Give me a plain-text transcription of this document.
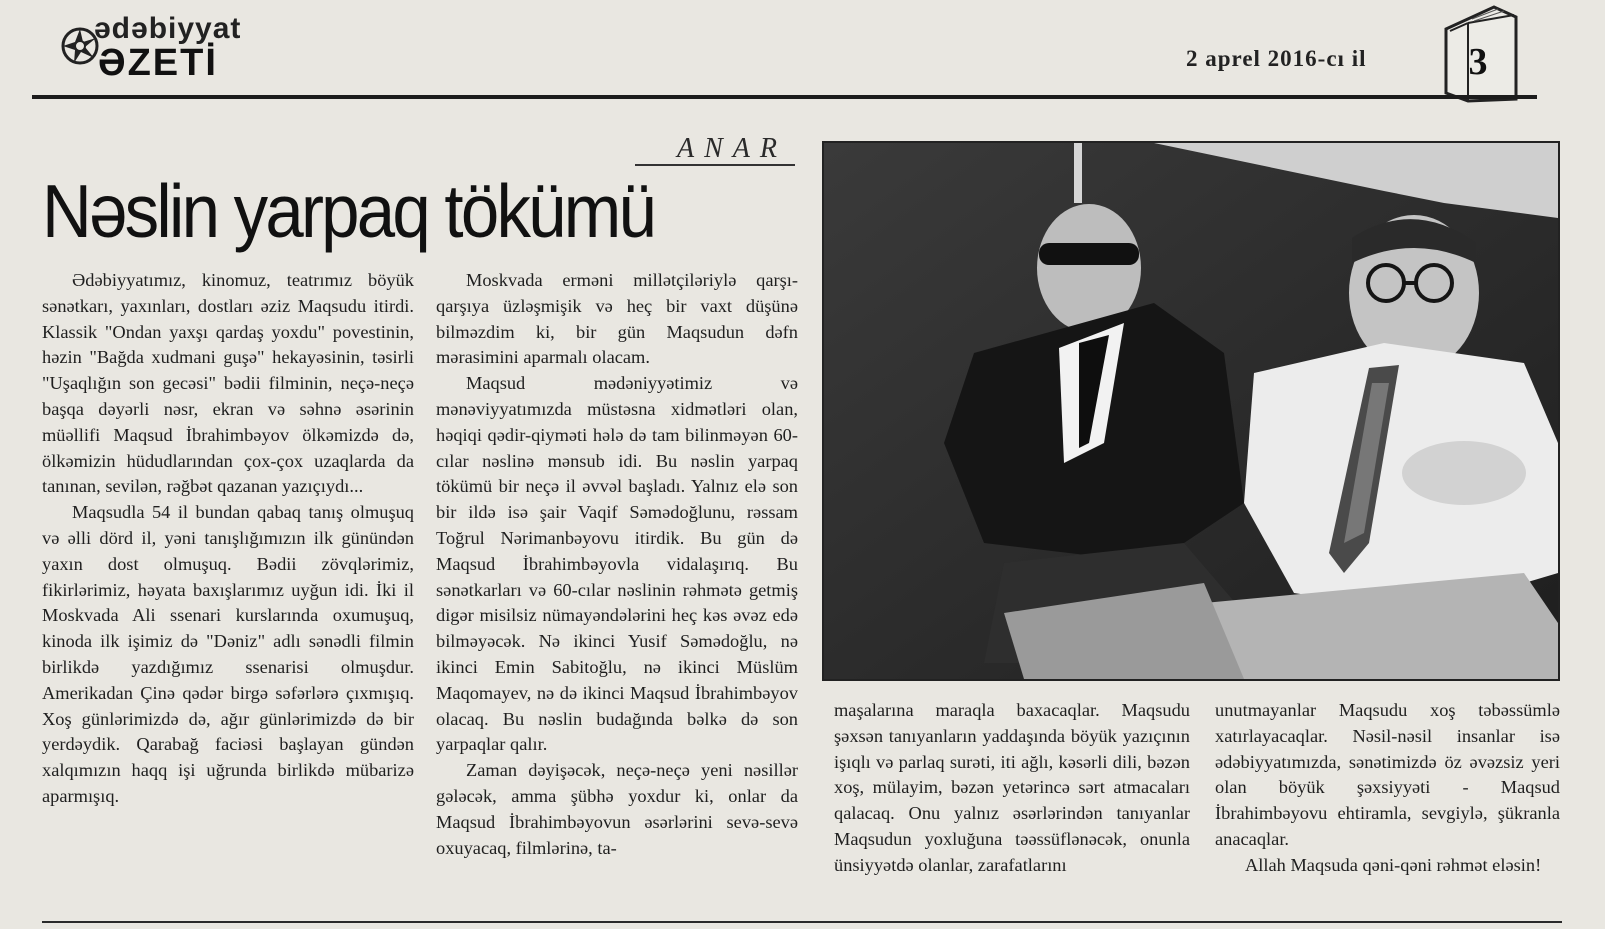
ədəbiyyat
ƏZETİ	2 aprel 2016-cı il	3
ANAR
Nəslin yarpaq tökümü

Ədəbiyyatımız, kinomuz, teatrımız böyük sənətkarı, yaxınları, dostları əziz Maqsudu itirdi. Klassik "Ondan yaxşı qardaş yoxdu" povestinin, həzin "Bağda xudmani guşə" hekayəsinin, təsirli "Uşaqlığın son gecəsi" bədii filminin, neçə-neçə başqa dəyərli nəsr, ekran və səhnə əsərinin müəllifi Maqsud İbrahimbəyov ölkəmizdə də, ölkəmizin hüdudlarından çox-çox uzaqlarda da tanınan, sevilən, rəğbət qazanan yazıçıydı...

Maqsudla 54 il bundan qabaq tanış olmuşuq və əlli dörd il, yəni tanışlığımızın ilk günündən yaxın dost olmuşuq. Bədii zövqlərimiz, fikirlərimiz, həyata baxışlarımız uyğun idi. İki il Moskvada Ali ssenari kurslarında oxumuşuq, kinoda ilk işimiz də "Dəniz" adlı sənədli filmin birlikdə yazdığımız ssenarisi olmuşdur. Amerikadan Çinə qədər birgə səfərlərə çıxmışıq. Xoş günlərimizdə də, ağır günlərimizdə də bir yerdəydik. Qarabağ faciəsi başlayan gündən xalqımızın haqq işi uğrunda birlikdə mübarizə aparmışıq.

Moskvada erməni millətçiləriylə qarşı-qarşıya üzləşmişik və heç bir vaxt düşünə bilməzdim ki, bir gün Maqsudun dəfn mərasimini aparmalı olacam.

Maqsud mədəniyyətimiz və mənəviyyatımızda müstəsna xidmətləri olan, həqiqi qədir-qiyməti hələ də tam bilinməyən 60-cılar nəslinə mənsub idi. Bu nəslin yarpaq tökümü bir neçə il əvvəl başladı. Yalnız elə son bir ildə isə şair Vaqif Səmədoğlunu, rəssam Toğrul Nərimanbəyovu itirdik. Bu gün də Maqsud İbrahimbəyovla vidalaşırıq. Bu sənətkarları və 60-cılar nəslinin rəhmətə getmiş digər misilsiz nümayəndələrini heç kəs əvəz edə bilməyəcək. Nə ikinci Yusif Səmədoğlu, nə ikinci Emin Sabitoğlu, nə ikinci Müslüm Maqomayev, nə də ikinci Maqsud İbrahimbəyov olacaq. Bu nəslin budağında bəlkə də son yarpaqlar qalır.

Zaman dəyişəcək, neçə-neçə yeni nəsillər gələcək, amma şübhə yoxdur ki, onlar da Maqsud İbrahimbəyovun əsərlərini sevə-sevə oxuyacaq, filmlərinə, ta-

maşalarına maraqla baxacaqlar. Maqsudu şəxsən tanıyanların yaddaşında böyük yazıçının işıqlı və parlaq surəti, iti ağlı, kəsərli dili, bəzən xoş, mülayim, bəzən yetərincə sərt atmacaları qalacaq. Onu yalnız əsərlərindən tanıyanlar Maqsudun yoxluğuna təəssüflənəcək, onunla ünsiyyətdə olanlar, zarafatlarını

unutmayanlar Maqsudu xoş təbəssümlə xatırlayacaqlar. Nəsil-nəsil insanlar isə ədəbiyyatımızda, sənətimizdə öz əvəzsiz yeri olan böyük şəxsiyyəti - Maqsud İbrahimbəyovu ehtiramla, sevgiylə, şükranla anacaqlar.

Allah Maqsuda qəni-qəni rəhmət eləsin!
